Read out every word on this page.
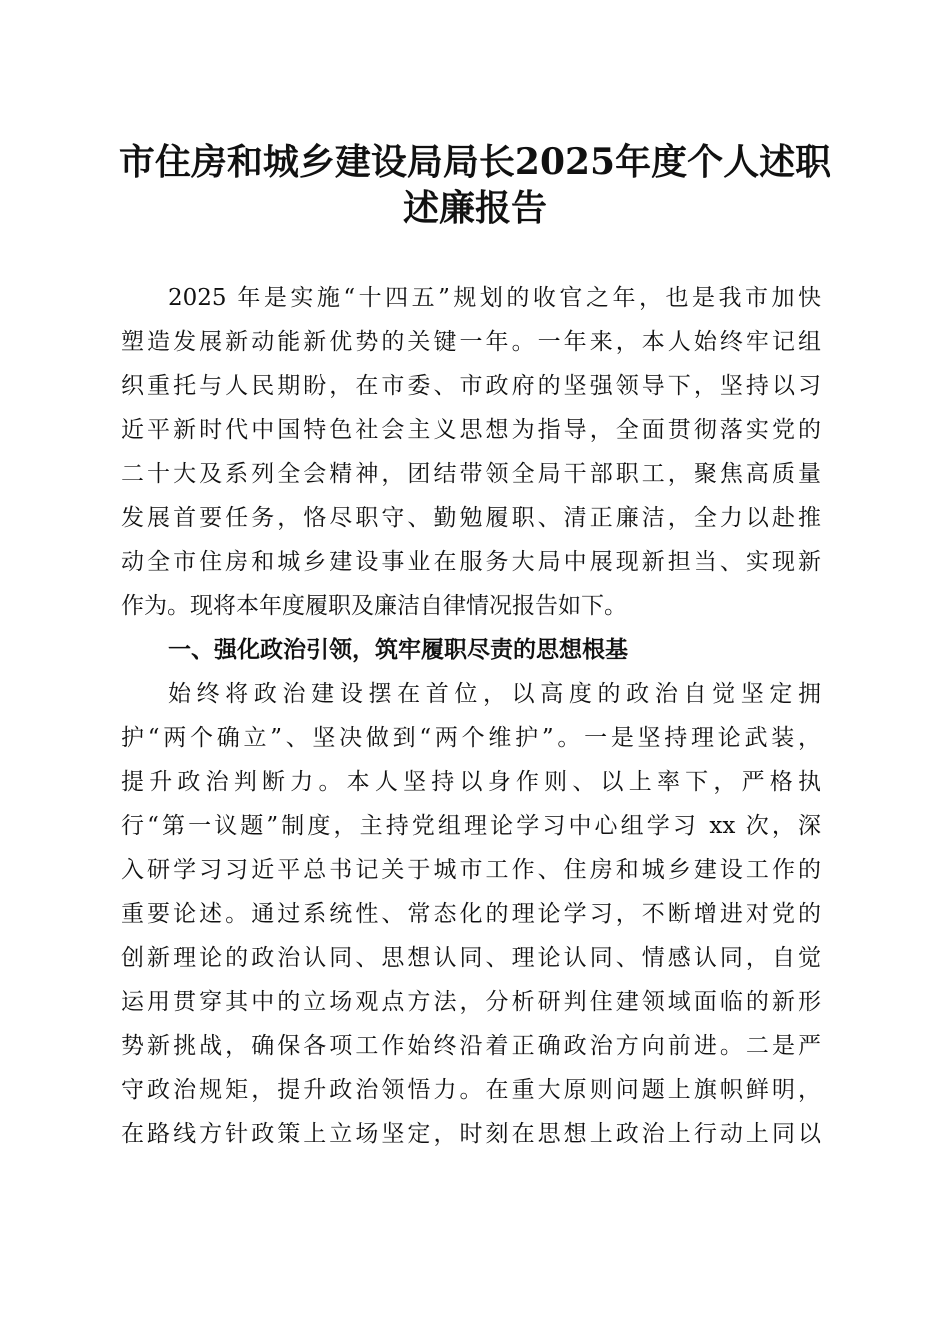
市住房和城乡建设局局长2025年度个人述职
述廉报告
2025 年是实施“十四五”规划的收官之年，也是我市加快
塑造发展新动能新优势的关键一年。一年来，本人始终牢记组
织重托与人民期盼，在市委、市政府的坚强领导下，坚持以习
近平新时代中国特色社会主义思想为指导，全面贯彻落实党的
二十大及系列全会精神，团结带领全局干部职工，聚焦高质量
发展首要任务，恪尽职守、勤勉履职、清正廉洁，全力以赴推
动全市住房和城乡建设事业在服务大局中展现新担当、实现新
作为。现将本年度履职及廉洁自律情况报告如下。
一、强化政治引领，筑牢履职尽责的思想根基
始终将政治建设摆在首位，以高度的政治自觉坚定拥
护“两个确立”、坚决做到“两个维护”。一是坚持理论武装，
提升政治判断力。本人坚持以身作则、以上率下，严格执
行“第一议题”制度，主持党组理论学习中心组学习 xx 次，深
入研学习习近平总书记关于城市工作、住房和城乡建设工作的
重要论述。通过系统性、常态化的理论学习，不断增进对党的
创新理论的政治认同、思想认同、理论认同、情感认同，自觉
运用贯穿其中的立场观点方法，分析研判住建领域面临的新形
势新挑战，确保各项工作始终沿着正确政治方向前进。二是严
守政治规矩，提升政治领悟力。在重大原则问题上旗帜鲜明，
在路线方针政策上立场坚定，时刻在思想上政治上行动上同以
